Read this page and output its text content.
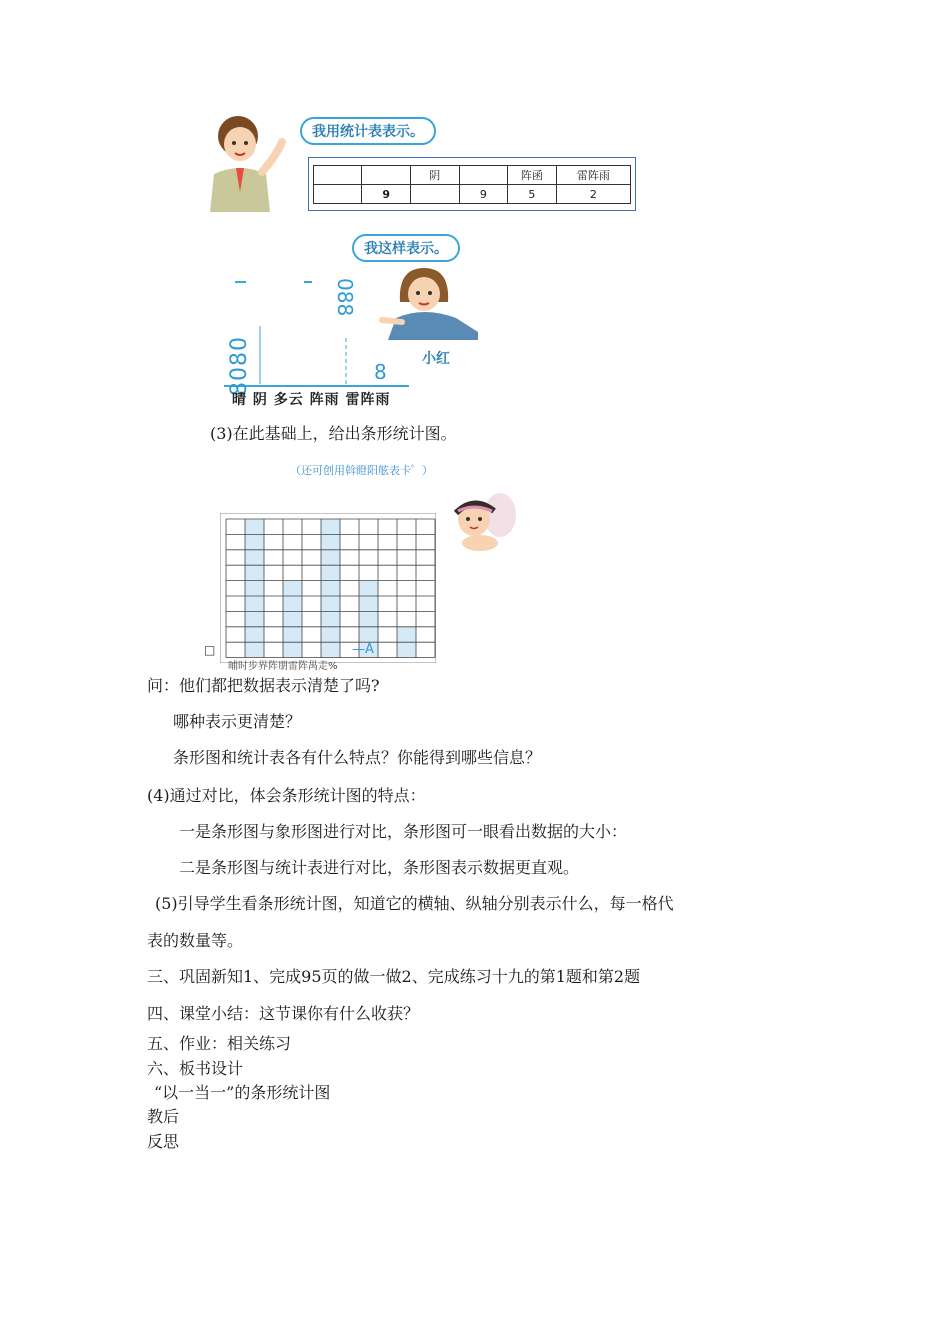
我用统计表表示。
		阴		阵函	雷阵雨
	9		9	5	2
我这样表示。
小红
8080
088
8
晴 阴 多云 阵雨 雷阵雨
(3)在此基础上，给出条形统计图。
（还可创用斡瞪阳舷表卡゜）
□	—A
晡时步界阵朋雷阵禺走%
问：他们都把数据表示清楚了吗?
哪种表示更清楚？
条形图和统计表各有什么特点？你能得到哪些信息？
(4)通过对比，体会条形统计图的特点：
一是条形图与象形图进行对比，条形图可一眼看出数据的大小：
二是条形图与统计表进行对比，条形图表示数据更直观。
(5)引导学生看条形统计图，知道它的横轴、纵轴分别表示什么，每一格代
表的数量等。
三、巩固新知1、完成95页的做一做2、完成练习十九的第1题和第2题
四、课堂小结：这节课你有什么收获？
五、作业：相关练习
六、板书设计
“以一当一”的条形统计图
教后
反思
